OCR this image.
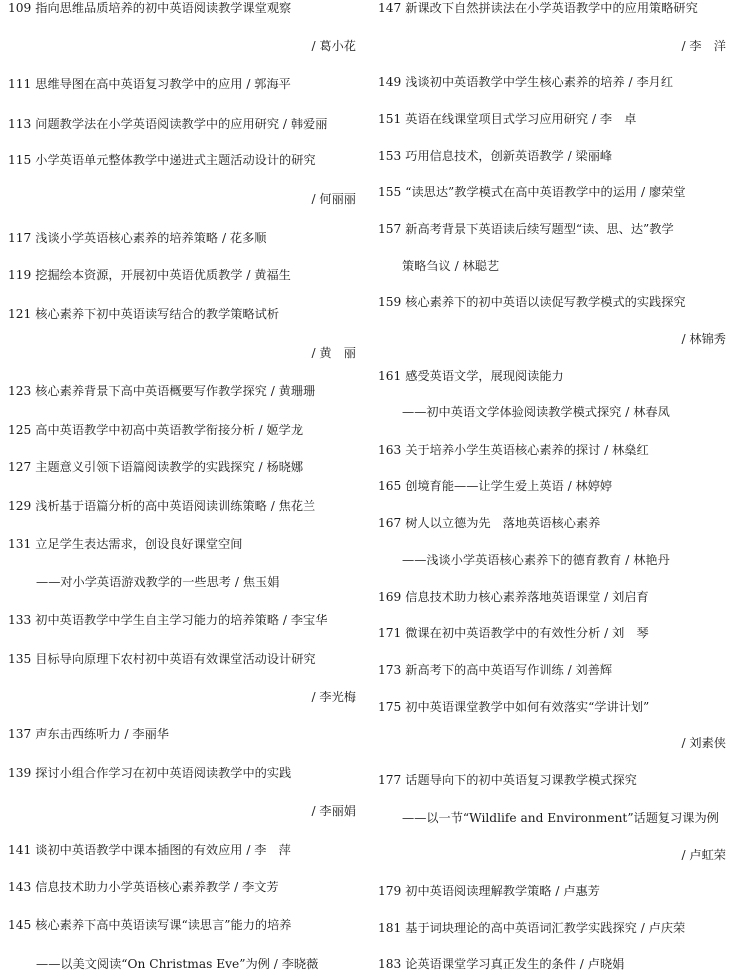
109 指向思维品质培养的初中英语阅读教学课堂观察
/ 葛小花
111 思维导图在高中英语复习教学中的应用 / 郭海平
113 问题教学法在小学英语阅读教学中的应用研究 / 韩爱丽
115 小学英语单元整体教学中递进式主题活动设计的研究
/ 何丽丽
117 浅谈小学英语核心素养的培养策略 / 花多顺
119 挖掘绘本资源，开展初中英语优质教学 / 黄福生
121 核心素养下初中英语读写结合的教学策略试析
/ 黄　丽
123 核心素养背景下高中英语概要写作教学探究 / 黄珊珊
125 高中英语教学中初高中英语教学衔接分析 / 姬学龙
127 主题意义引领下语篇阅读教学的实践探究 / 杨晓娜
129 浅析基于语篇分析的高中英语阅读训练策略 / 焦花兰
131 立足学生表达需求，创设良好课堂空间
——对小学英语游戏教学的一些思考 / 焦玉娟
133 初中英语教学中学生自主学习能力的培养策略 / 李宝华
135 目标导向原理下农村初中英语有效课堂活动设计研究
/ 李光梅
137 声东击西练听力 / 李丽华
139 探讨小组合作学习在初中英语阅读教学中的实践
/ 李丽娟
141 谈初中英语教学中课本插图的有效应用 / 李　萍
143 信息技术助力小学英语核心素养教学 / 李文芳
145 核心素养下高中英语读写课“读思言”能力的培养
——以美文阅读“On Christmas Eve”为例 / 李晓薇
147 新课改下自然拼读法在小学英语教学中的应用策略研究
/ 李　洋
149 浅谈初中英语教学中学生核心素养的培养 / 李月红
151 英语在线课堂项目式学习应用研究 / 李　卓
153 巧用信息技术，创新英语教学 / 梁丽峰
155 “读思达”教学模式在高中英语教学中的运用 / 廖荣堂
157 新高考背景下英语读后续写题型“读、思、达”教学
策略刍议 / 林聪艺
159 核心素养下的初中英语以读促写教学模式的实践探究
/ 林锦秀
161 感受英语文学，展现阅读能力
——初中英语文学体验阅读教学模式探究 / 林春凤
163 关于培养小学生英语核心素养的探讨 / 林燊红
165 创境育能——让学生爱上英语 / 林婷婷
167 树人以立德为先　落地英语核心素养
——浅谈小学英语核心素养下的德育教育 / 林艳丹
169 信息技术助力核心素养落地英语课堂 / 刘启育
171 微课在初中英语教学中的有效性分析 / 刘　琴
173 新高考下的高中英语写作训练 / 刘善辉
175 初中英语课堂教学中如何有效落实“学讲计划”
/ 刘素侠
177 话题导向下的初中英语复习课教学模式探究
——以一节“Wildlife and Environment”话题复习课为例
/ 卢虹荣
179 初中英语阅读理解教学策略 / 卢惠芳
181 基于词块理论的高中英语词汇教学实践探究 / 卢庆荣
183 论英语课堂学习真正发生的条件 / 卢晓娟
